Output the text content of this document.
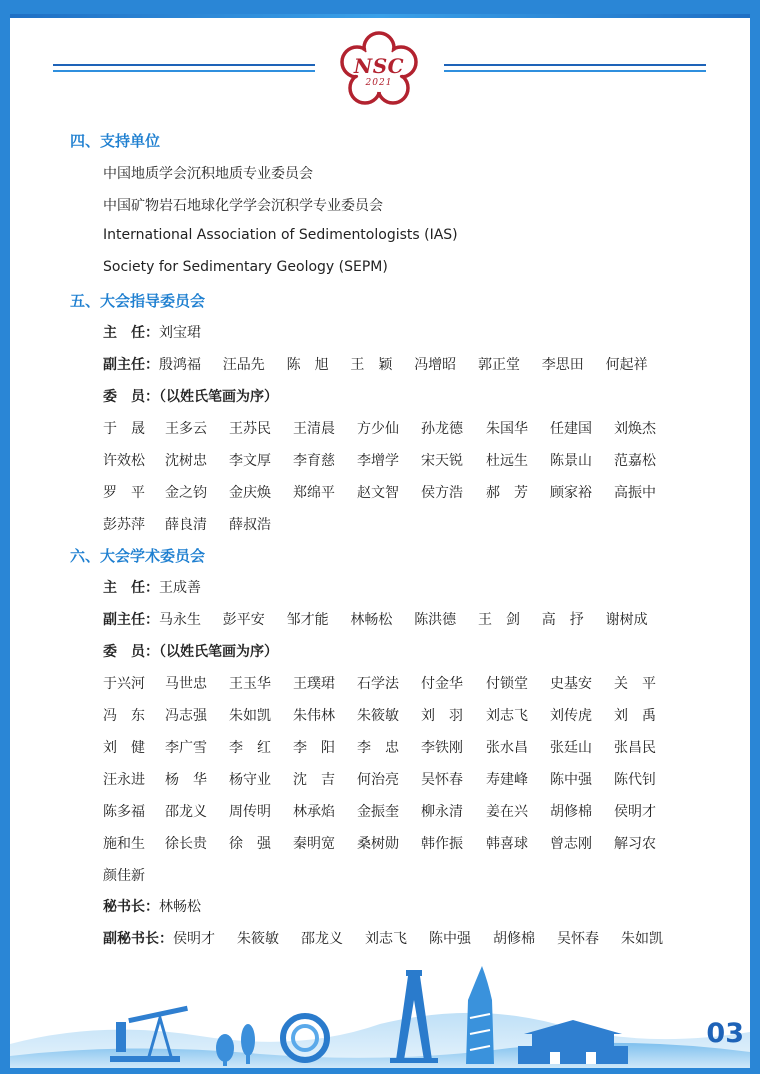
NSC
2021
四、支持单位
中国地质学会沉积地质专业委员会
中国矿物岩石地球化学学会沉积学专业委员会
International Association of Sedimentologists (IAS)
Society for Sedimentary Geology (SEPM)
五、大会指导委员会
主　任：刘宝珺
副主任： 殷鸿福 汪品先 陈　旭 王　颖 冯增昭 郭正堂 李思田 何起祥
委　员：（以姓氏笔画为序）
于　晟 王多云 王苏民 王清晨 方少仙 孙龙德 朱国华 任建国 刘焕杰
许效松 沈树忠 李文厚 李育慈 李增学 宋天锐 杜远生 陈景山 范嘉松
罗　平 金之钧 金庆焕 郑绵平 赵文智 侯方浩 郝　芳 顾家裕 高振中
彭苏萍 薛良清 薛叔浩
六、大会学术委员会
主　任：王成善
副主任： 马永生 彭平安 邹才能 林畅松 陈洪德 王　剑 高　抒 谢树成
委　员：（以姓氏笔画为序）
于兴河 马世忠 王玉华 王璞珺 石学法 付金华 付锁堂 史基安 关　平
冯　东 冯志强 朱如凯 朱伟林 朱筱敏 刘　羽 刘志飞 刘传虎 刘　禹
刘　健 李广雪 李　红 李　阳 李　忠 李铁刚 张水昌 张廷山 张昌民
汪永进 杨　华 杨守业 沈　吉 何治亮 吴怀春 寿建峰 陈中强 陈代钊
陈多福 邵龙义 周传明 林承焰 金振奎 柳永清 姜在兴 胡修棉 侯明才
施和生 徐长贵 徐　强 秦明宽 桑树勋 韩作振 韩喜球 曾志刚 解习农
颜佳新
秘书长：林畅松
副秘书长： 侯明才 朱筱敏 邵龙义 刘志飞 陈中强 胡修棉 吴怀春 朱如凯
03
